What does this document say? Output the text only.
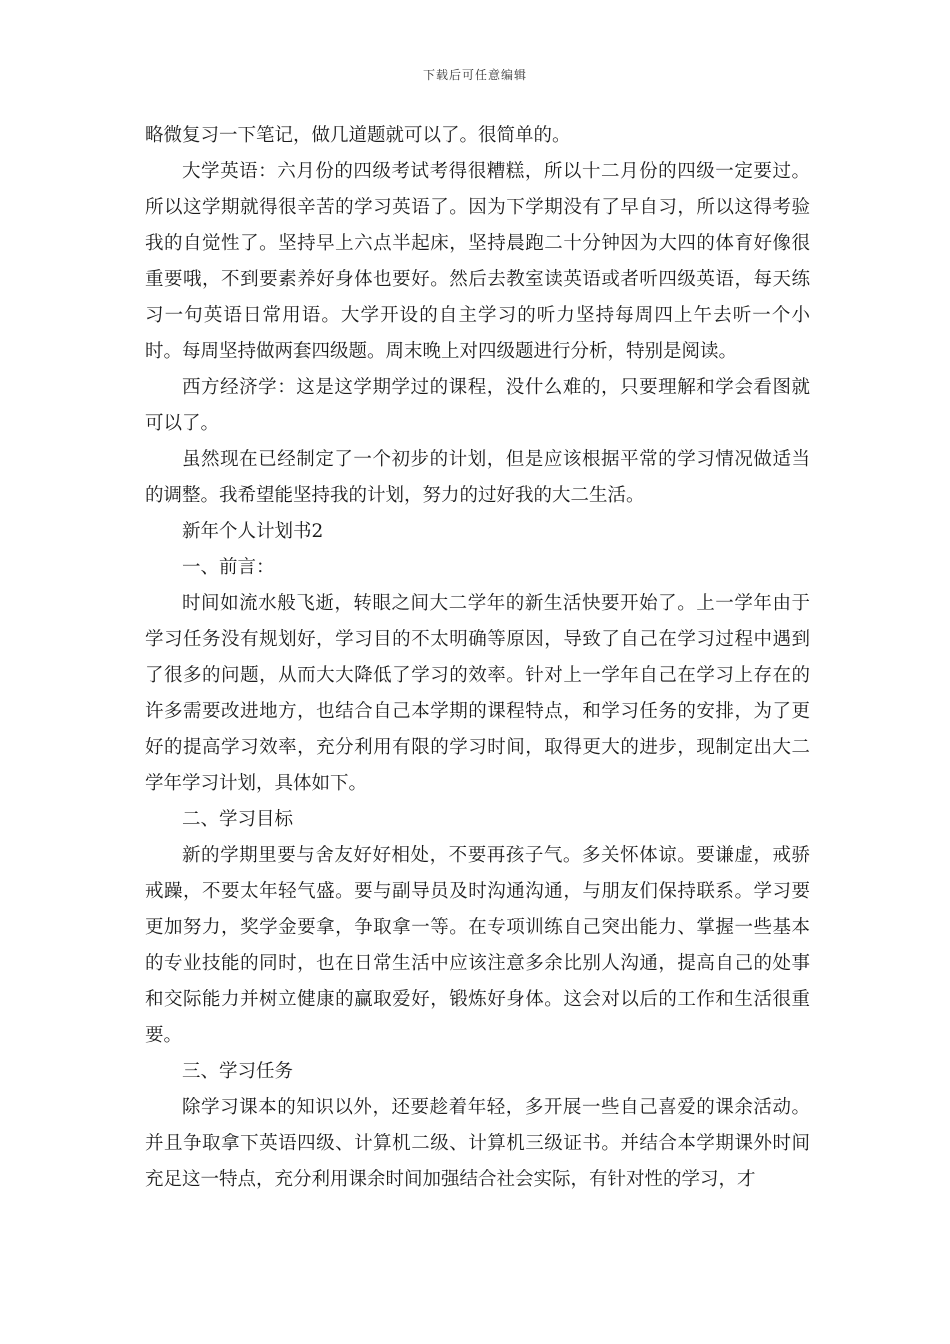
下载后可任意编辑

略微复习一下笔记，做几道题就可以了。很简单的。

大学英语：六月份的四级考试考得很糟糕，所以十二月份的四级一定要过。所以这学期就得很辛苦的学习英语了。因为下学期没有了早自习，所以这得考验我的自觉性了。坚持早上六点半起床，坚持晨跑二十分钟因为大四的体育好像很重要哦，不到要素养好身体也要好。然后去教室读英语或者听四级英语，每天练习一句英语日常用语。大学开设的自主学习的听力坚持每周四上午去听一个小时。每周坚持做两套四级题。周末晚上对四级题进行分析，特别是阅读。

西方经济学：这是这学期学过的课程，没什么难的，只要理解和学会看图就可以了。

虽然现在已经制定了一个初步的计划，但是应该根据平常的学习情况做适当的调整。我希望能坚持我的计划，努力的过好我的大二生活。

新年个人计划书2

一、前言：

时间如流水般飞逝，转眼之间大二学年的新生活快要开始了。上一学年由于学习任务没有规划好，学习目的不太明确等原因，导致了自己在学习过程中遇到了很多的问题，从而大大降低了学习的效率。针对上一学年自己在学习上存在的许多需要改进地方，也结合自己本学期的课程特点，和学习任务的安排，为了更好的提高学习效率，充分利用有限的学习时间，取得更大的进步，现制定出大二学年学习计划，具体如下。

二、学习目标

新的学期里要与舍友好好相处，不要再孩子气。多关怀体谅。要谦虚，戒骄戒躁，不要太年轻气盛。要与副导员及时沟通沟通，与朋友们保持联系。学习要更加努力，奖学金要拿，争取拿一等。在专项训练自己突出能力、掌握一些基本的专业技能的同时，也在日常生活中应该注意多余比别人沟通，提高自己的处事和交际能力并树立健康的赢取爱好，锻炼好身体。这会对以后的工作和生活很重要。

三、学习任务

除学习课本的知识以外，还要趁着年轻，多开展一些自己喜爱的课余活动。并且争取拿下英语四级、计算机二级、计算机三级证书。并结合本学期课外时间充足这一特点，充分利用课余时间加强结合社会实际，有针对性的学习，才
